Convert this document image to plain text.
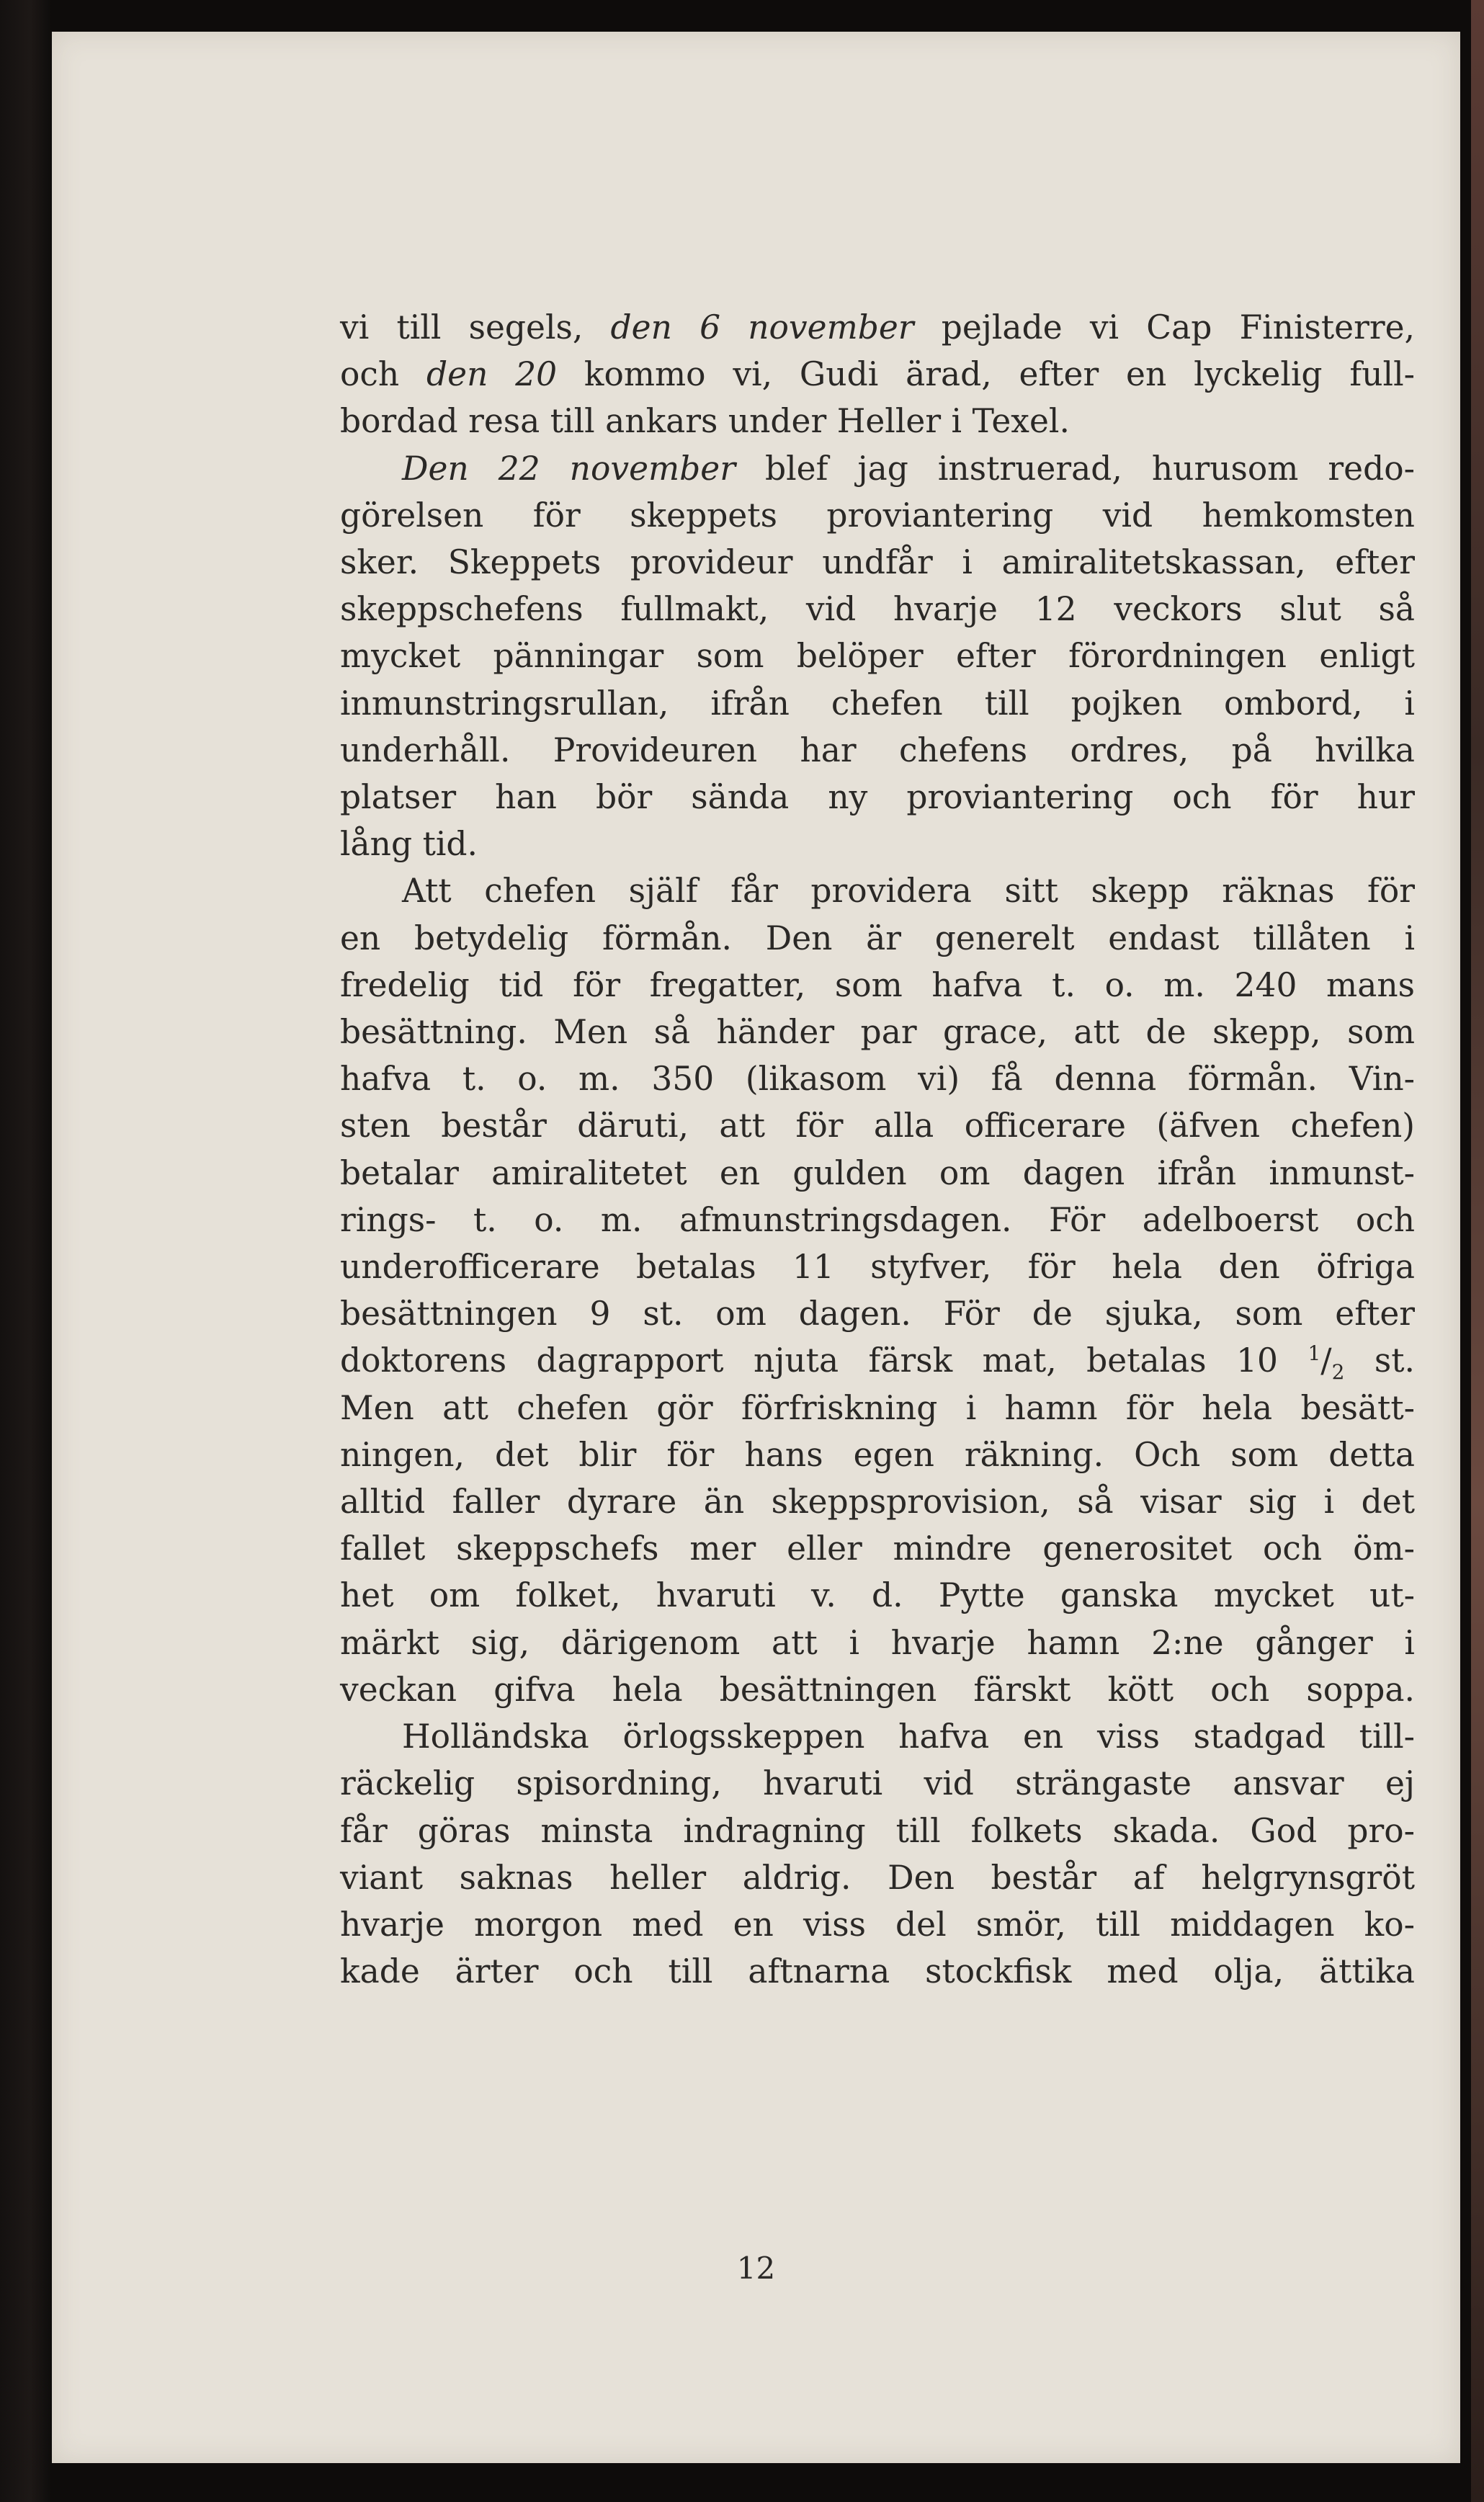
vi till segels, den 6 november pejlade vi Cap Finisterre,
och den 20 kommo vi, Gudi ärad, efter en lyckelig full-
bordad resa till ankars under Heller i Texel.
Den 22 november blef jag instruerad, hurusom redo-
görelsen för skeppets proviantering vid hemkomsten
sker. Skeppets provideur undfår i amiralitetskassan, efter
skeppschefens fullmakt, vid hvarje 12 veckors slut så
mycket pänningar som belöper efter förordningen enligt
inmunstringsrullan, ifrån chefen till pojken ombord, i
underhåll. Provideuren har chefens ordres, på hvilka
platser han bör sända ny proviantering och för hur
lång tid.
Att chefen själf får providera sitt skepp räknas för
en betydelig förmån. Den är generelt endast tillåten i
fredelig tid för fregatter, som hafva t. o. m. 240 mans
besättning. Men så händer par grace, att de skepp, som
hafva t. o. m. 350 (likasom vi) få denna förmån. Vin-
sten består däruti, att för alla officerare (äfven chefen)
betalar amiralitetet en gulden om dagen ifrån inmunst-
rings- t. o. m. afmunstringsdagen. För adelboerst och
underofficerare betalas 11 styfver, för hela den öfriga
besättningen 9 st. om dagen. För de sjuka, som efter
doktorens dagrapport njuta färsk mat, betalas 10 $^1/_2$ st.
Men att chefen gör förfriskning i hamn för hela besätt-
ningen, det blir för hans egen räkning. Och som detta
alltid faller dyrare än skeppsprovision, så visar sig i det
fallet skeppschefs mer eller mindre generositet och öm-
het om folket, hvaruti v. d. Pytte ganska mycket ut-
märkt sig, därigenom att i hvarje hamn 2:ne gånger i
veckan gifva hela besättningen färskt kött och soppa.
Holländska örlogsskeppen hafva en viss stadgad till-
räckelig spisordning, hvaruti vid strängaste ansvar ej
får göras minsta indragning till folkets skada. God pro-
viant saknas heller aldrig. Den består af helgrynsgröt
hvarje morgon med en viss del smör, till middagen ko-
kade ärter och till aftnarna stockfisk med olja, ättika
12
